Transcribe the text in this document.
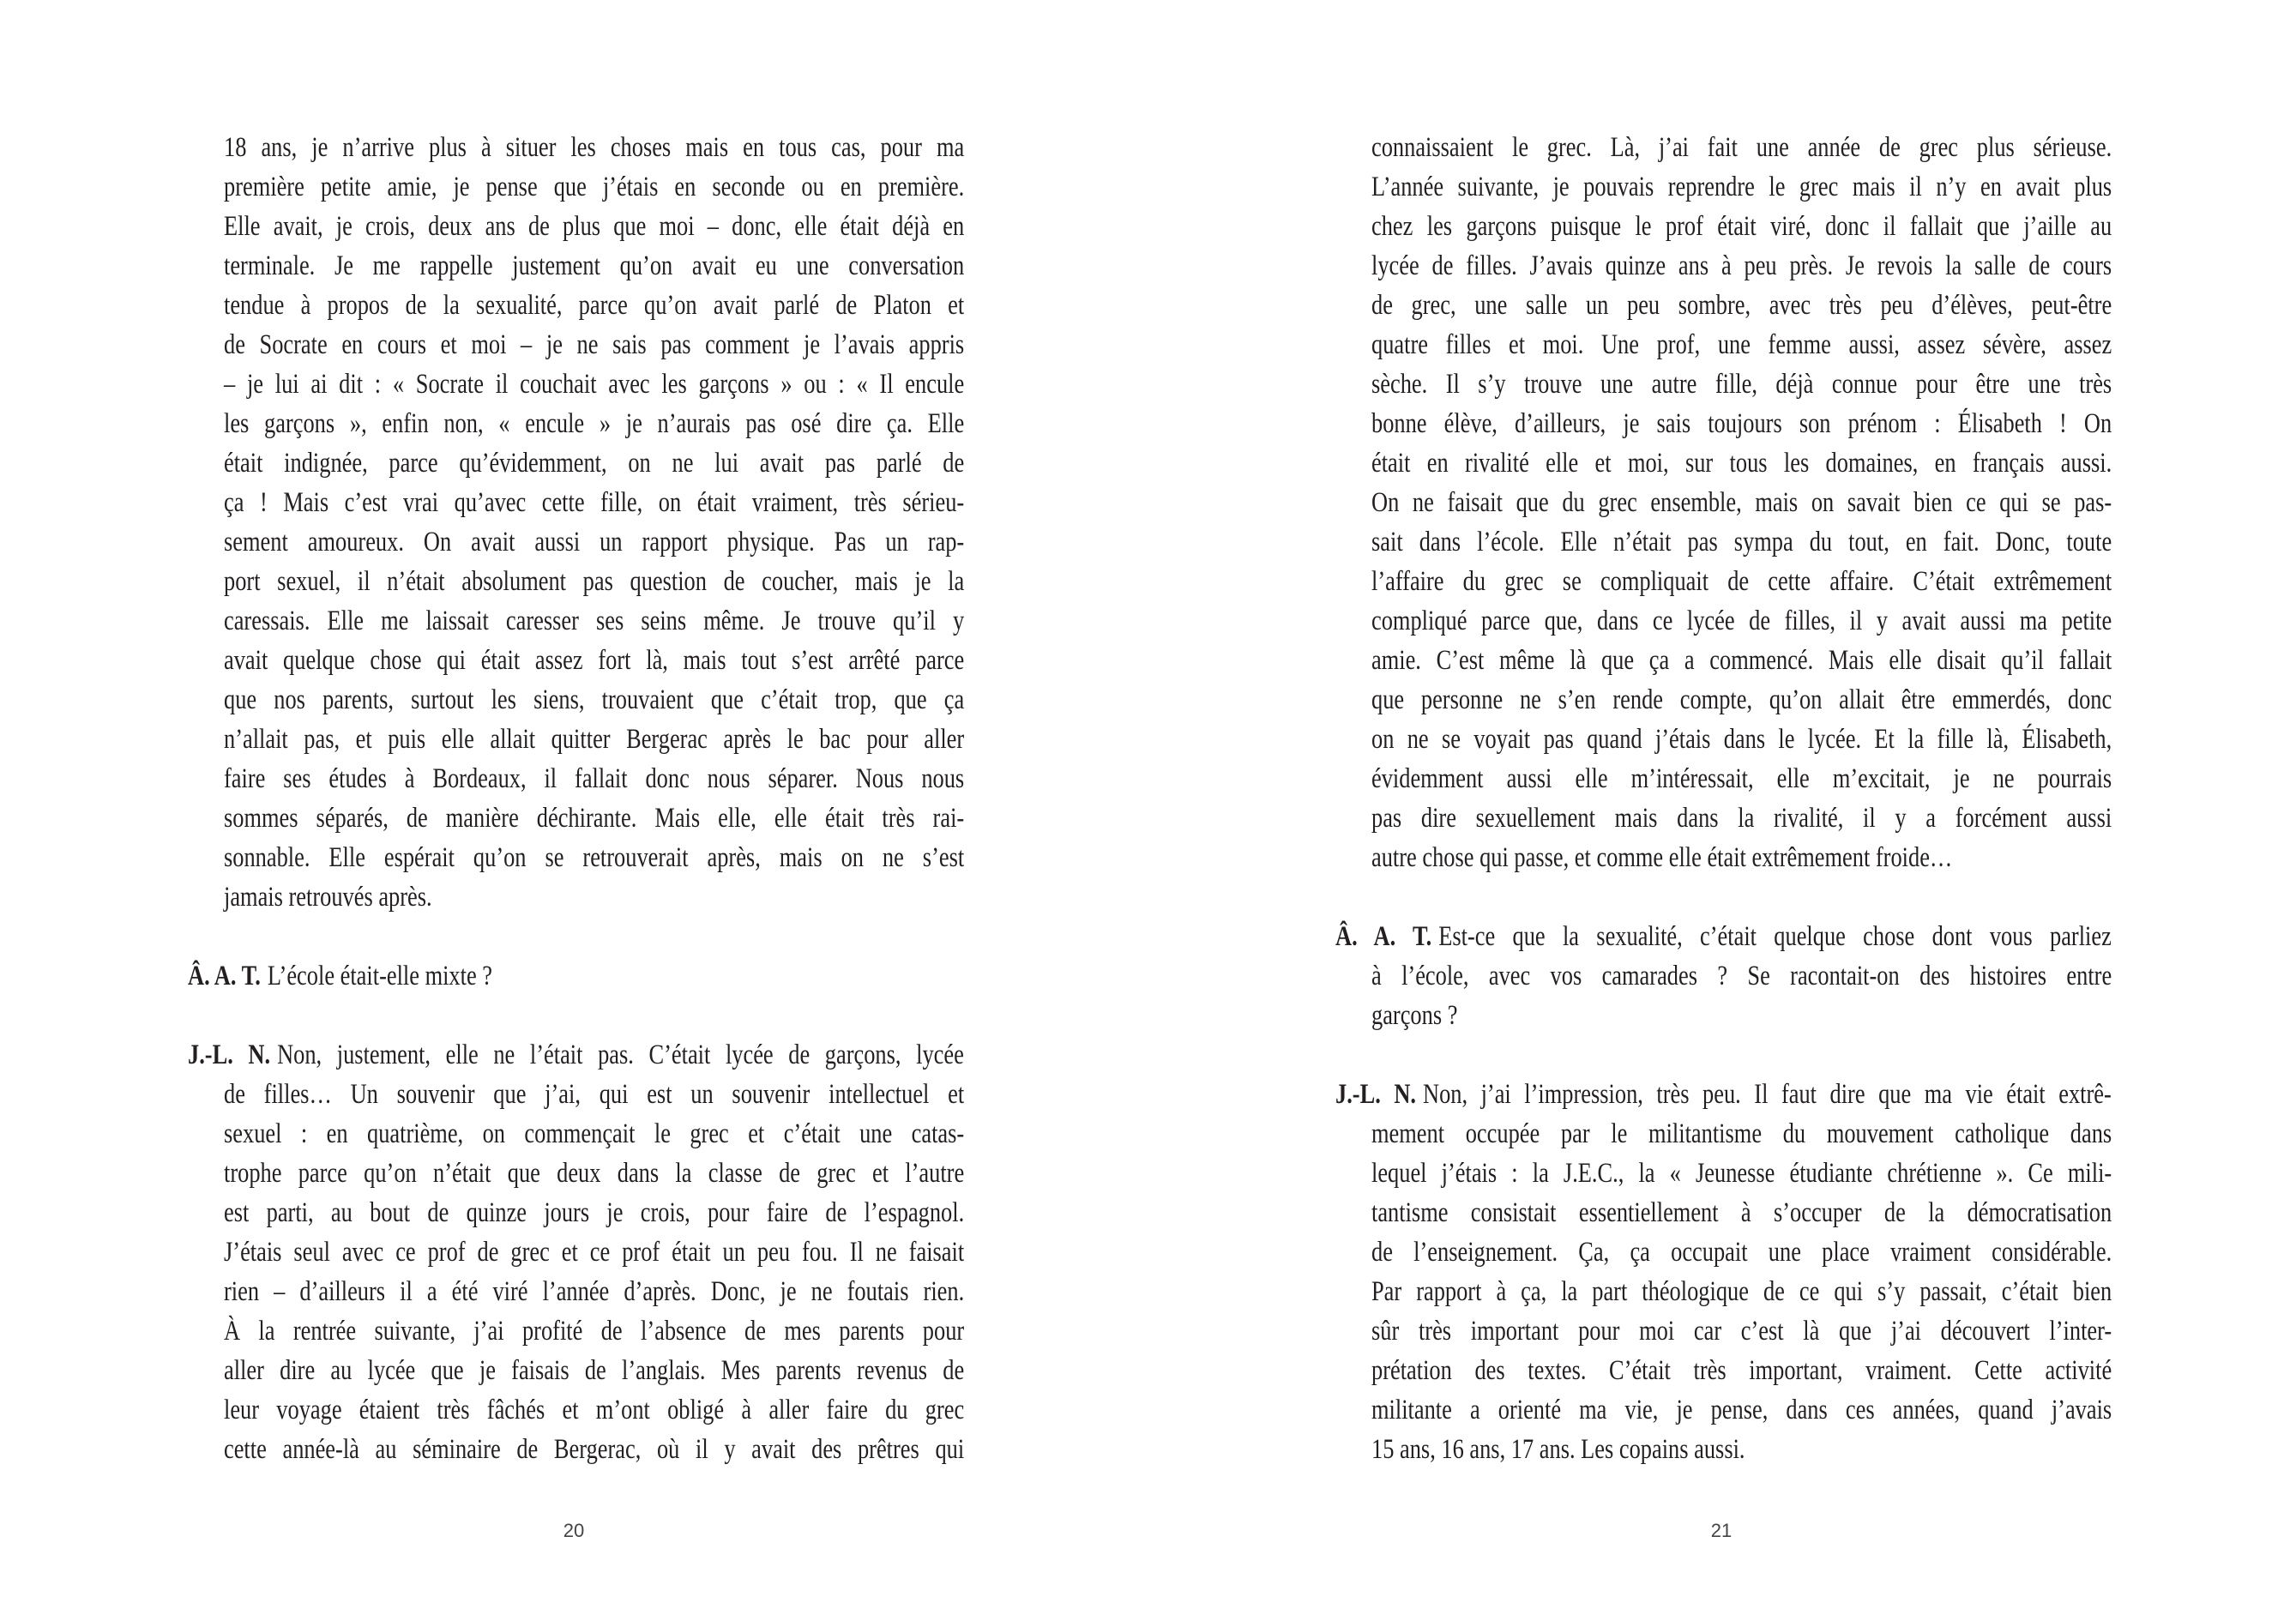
18 ans, je n’arrive plus à situer les choses mais en tous cas, pour ma
première petite amie, je pense que j’étais en seconde ou en première.
Elle avait, je crois, deux ans de plus que moi – donc, elle était déjà en
terminale. Je me rappelle justement qu’on avait eu une conversation
tendue à propos de la sexualité, parce qu’on avait parlé de Platon et
de Socrate en cours et moi – je ne sais pas comment je l’avais appris
– je lui ai dit : « Socrate il couchait avec les garçons » ou : « Il encule
les garçons », enfin non, « encule » je n’aurais pas osé dire ça. Elle
était indignée, parce qu’évidemment, on ne lui avait pas parlé de
ça ! Mais c’est vrai qu’avec cette fille, on était vraiment, très sérieu-
sement amoureux. On avait aussi un rapport physique. Pas un rap-
port sexuel, il n’était absolument pas question de coucher, mais je la
caressais. Elle me laissait caresser ses seins même. Je trouve qu’il y
avait quelque chose qui était assez fort là, mais tout s’est arrêté parce
que nos parents, surtout les siens, trouvaient que c’était trop, que ça
n’allait pas, et puis elle allait quitter Bergerac après le bac pour aller
faire ses études à Bordeaux, il fallait donc nous séparer. Nous nous
sommes séparés, de manière déchirante. Mais elle, elle était très rai-
sonnable. Elle espérait qu’on se retrouverait après, mais on ne s’est
jamais retrouvés après.
Â. A. T. L’école était-elle mixte ?
J.-L. N. Non, justement, elle ne l’était pas. C’était lycée de garçons, lycée
de filles… Un souvenir que j’ai, qui est un souvenir intellectuel et
sexuel : en quatrième, on commençait le grec et c’était une catas-
trophe parce qu’on n’était que deux dans la classe de grec et l’autre
est parti, au bout de quinze jours je crois, pour faire de l’espagnol.
J’étais seul avec ce prof de grec et ce prof était un peu fou. Il ne faisait
rien – d’ailleurs il a été viré l’année d’après. Donc, je ne foutais rien.
À la rentrée suivante, j’ai profité de l’absence de mes parents pour
aller dire au lycée que je faisais de l’anglais. Mes parents revenus de
leur voyage étaient très fâchés et m’ont obligé à aller faire du grec
cette année-là au séminaire de Bergerac, où il y avait des prêtres qui
20
connaissaient le grec. Là, j’ai fait une année de grec plus sérieuse.
L’année suivante, je pouvais reprendre le grec mais il n’y en avait plus
chez les garçons puisque le prof était viré, donc il fallait que j’aille au
lycée de filles. J’avais quinze ans à peu près. Je revois la salle de cours
de grec, une salle un peu sombre, avec très peu d’élèves, peut-être
quatre filles et moi. Une prof, une femme aussi, assez sévère, assez
sèche. Il s’y trouve une autre fille, déjà connue pour être une très
bonne élève, d’ailleurs, je sais toujours son prénom : Élisabeth ! On
était en rivalité elle et moi, sur tous les domaines, en français aussi.
On ne faisait que du grec ensemble, mais on savait bien ce qui se pas-
sait dans l’école. Elle n’était pas sympa du tout, en fait. Donc, toute
l’affaire du grec se compliquait de cette affaire. C’était extrêmement
compliqué parce que, dans ce lycée de filles, il y avait aussi ma petite
amie. C’est même là que ça a commencé. Mais elle disait qu’il fallait
que personne ne s’en rende compte, qu’on allait être emmerdés, donc
on ne se voyait pas quand j’étais dans le lycée. Et la fille là, Élisabeth,
évidemment aussi elle m’intéressait, elle m’excitait, je ne pourrais
pas dire sexuellement mais dans la rivalité, il y a forcément aussi
autre chose qui passe, et comme elle était extrêmement froide…
Â. A. T. Est-ce que la sexualité, c’était quelque chose dont vous parliez
à l’école, avec vos camarades ? Se racontait-on des histoires entre
garçons ?
J.-L. N. Non, j’ai l’impression, très peu. Il faut dire que ma vie était extrê-
mement occupée par le militantisme du mouvement catholique dans
lequel j’étais : la J.E.C., la « Jeunesse étudiante chrétienne ». Ce mili-
tantisme consistait essentiellement à s’occuper de la démocratisation
de l’enseignement. Ça, ça occupait une place vraiment considérable.
Par rapport à ça, la part théologique de ce qui s’y passait, c’était bien
sûr très important pour moi car c’est là que j’ai découvert l’inter-
prétation des textes. C’était très important, vraiment. Cette activité
militante a orienté ma vie, je pense, dans ces années, quand j’avais
15 ans, 16 ans, 17 ans. Les copains aussi.
21
